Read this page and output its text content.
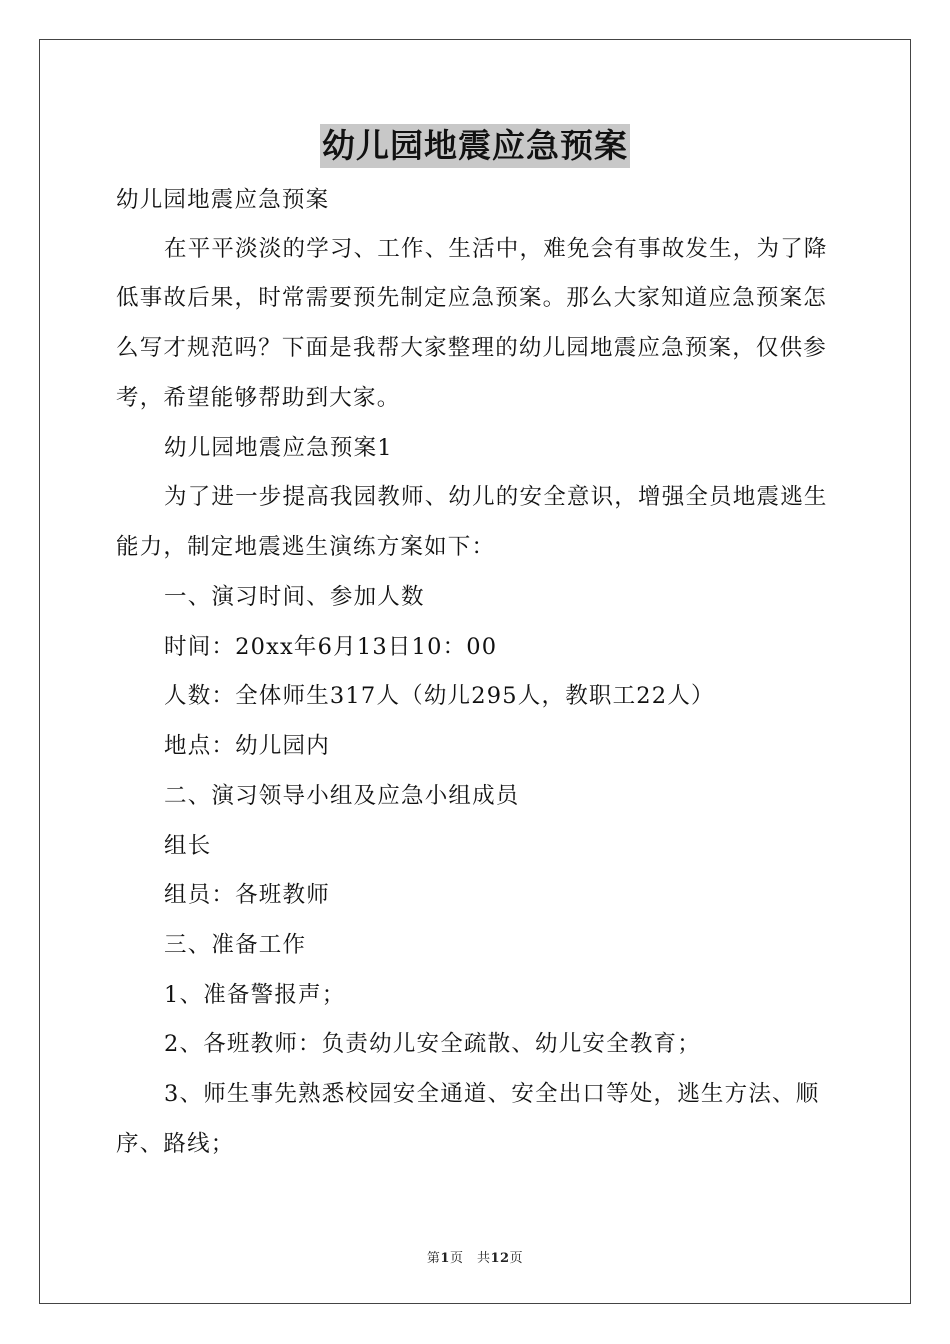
幼儿园地震应急预案

幼儿园地震应急预案

在平平淡淡的学习、工作、生活中，难免会有事故发生，为了降

低事故后果，时常需要预先制定应急预案。那么大家知道应急预案怎

么写才规范吗？下面是我帮大家整理的幼儿园地震应急预案，仅供参

考，希望能够帮助到大家。

幼儿园地震应急预案1

为了进一步提高我园教师、幼儿的安全意识，增强全员地震逃生

能力，制定地震逃生演练方案如下：

一、演习时间、参加人数

时间：20xx年6月13日10：00

人数：全体师生317人（幼儿295人，教职工22人）

地点：幼儿园内

二、演习领导小组及应急小组成员

组长

组员：各班教师

三、准备工作

1、准备警报声；

2、各班教师：负责幼儿安全疏散、幼儿安全教育；

3、师生事先熟悉校园安全通道、安全出口等处，逃生方法、顺

序、路线；

第1页　共12页
